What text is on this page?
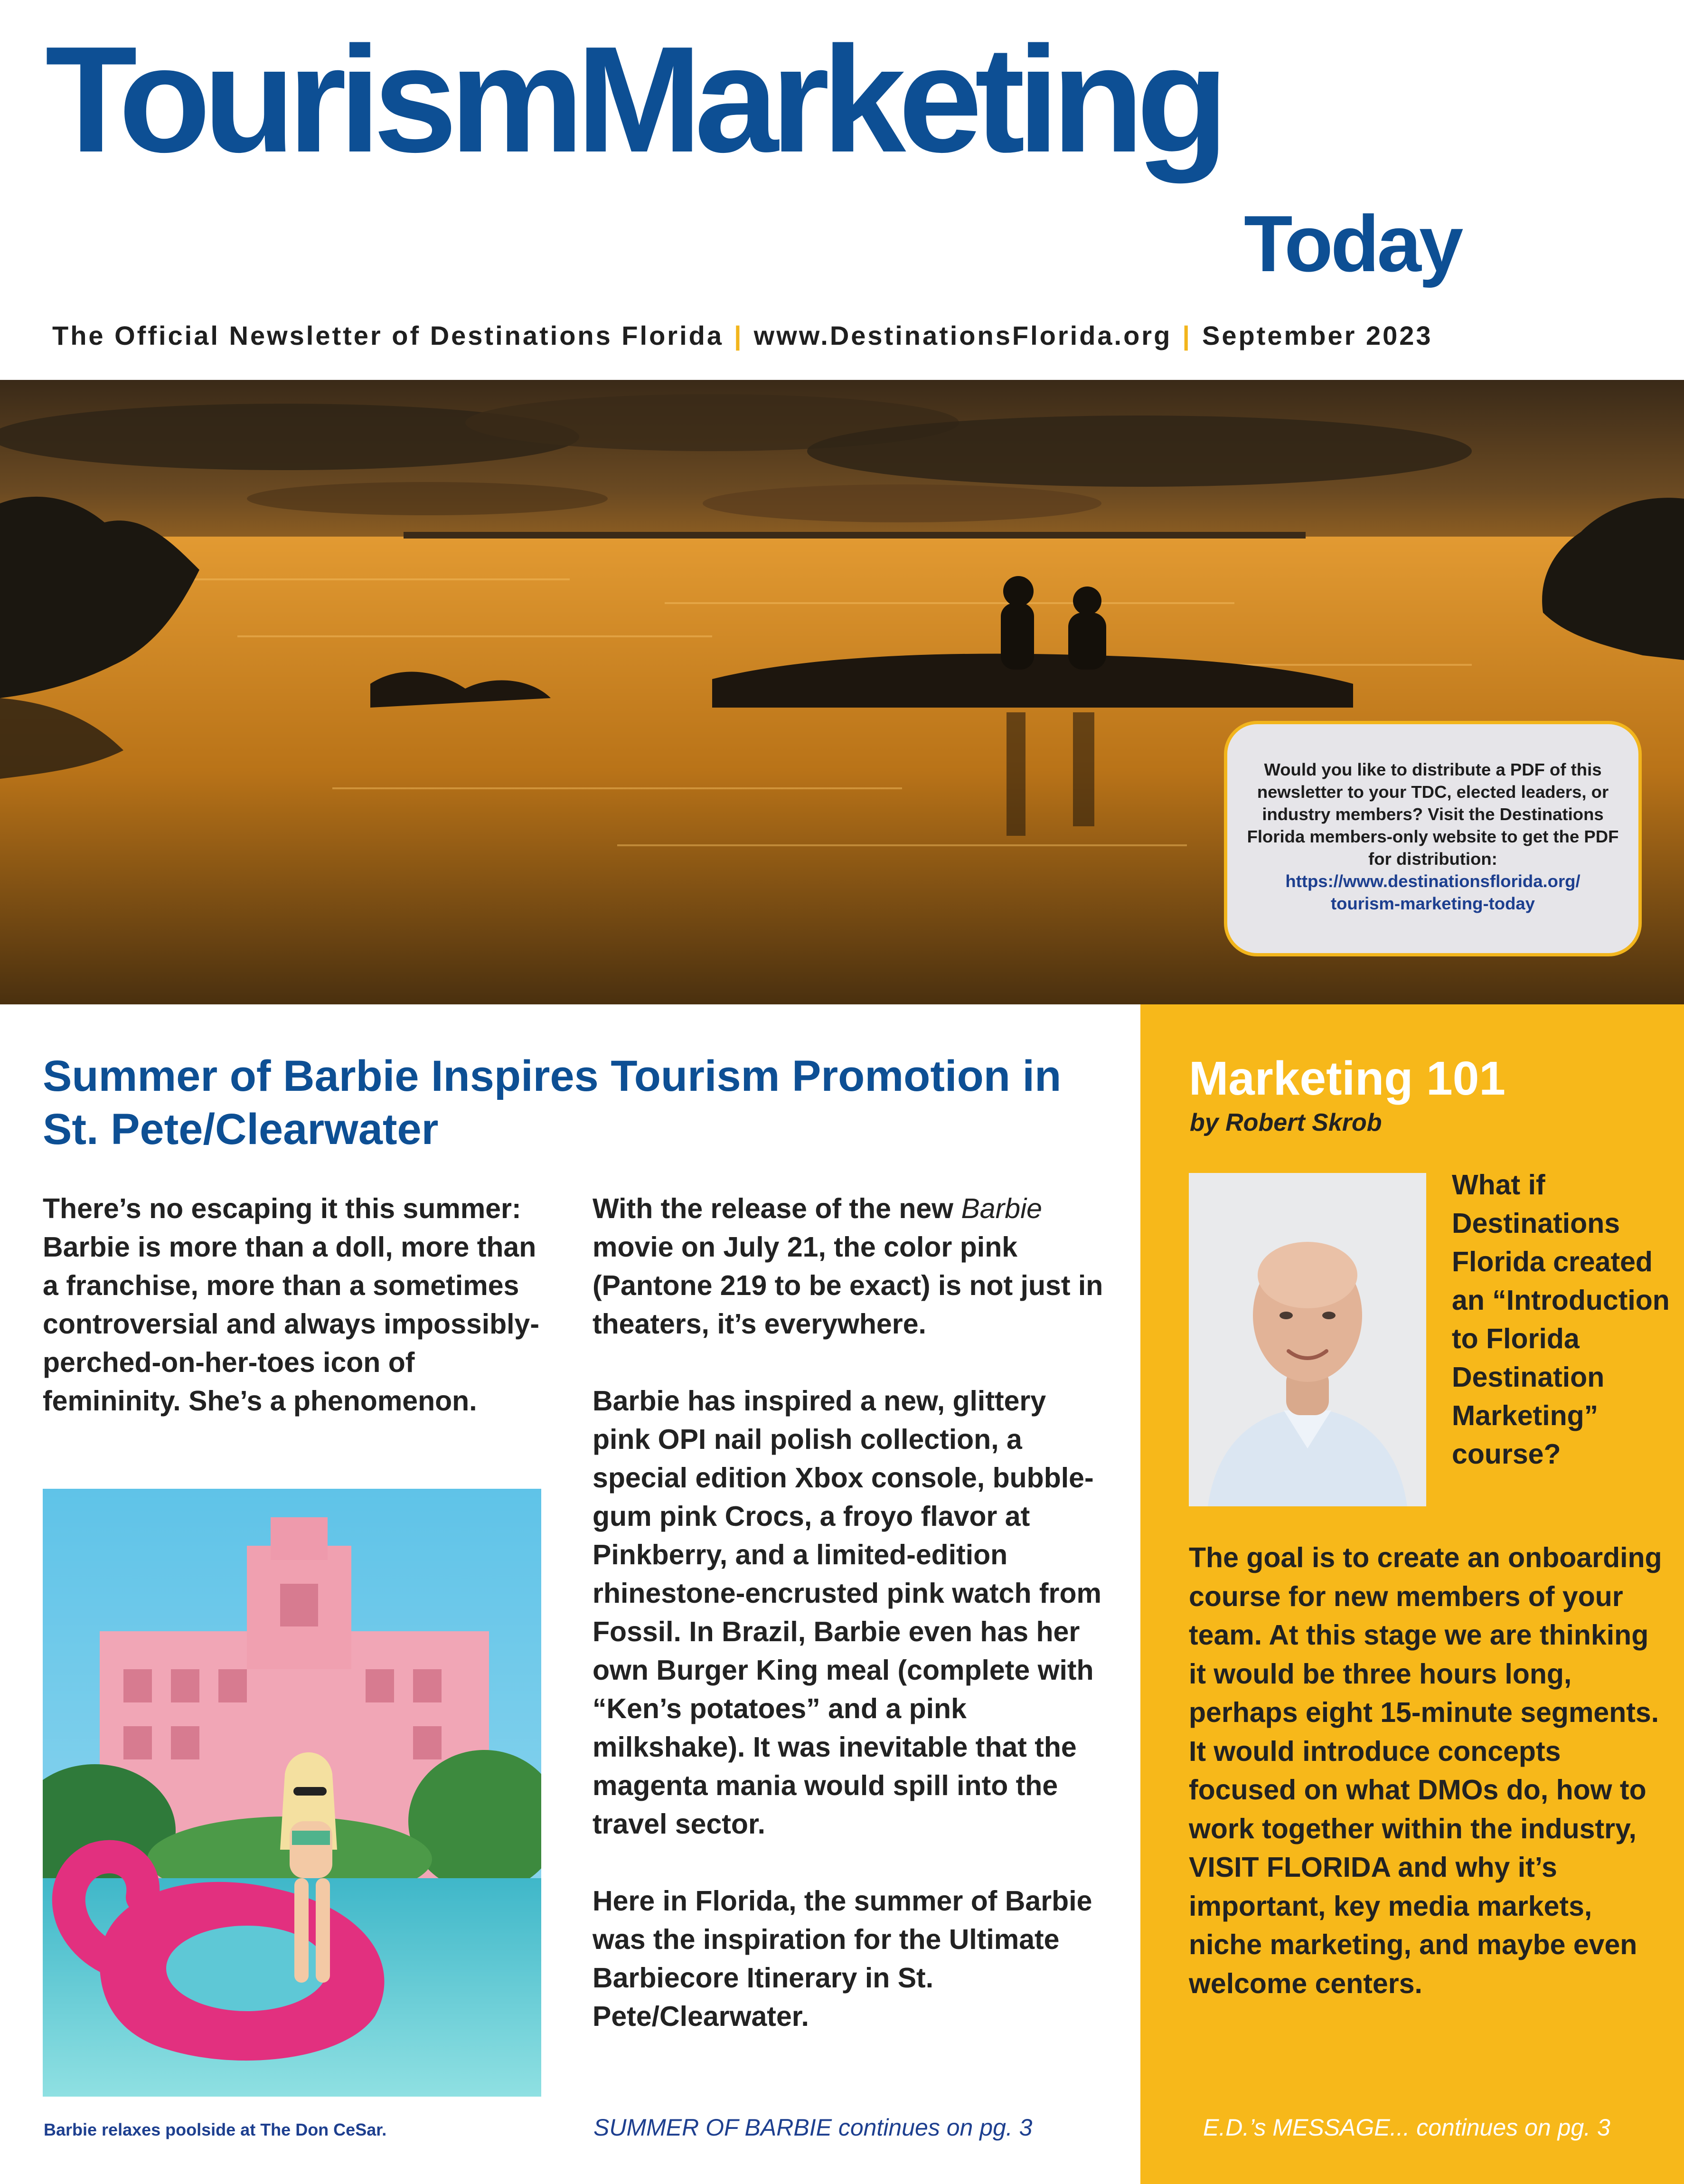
TourismMarketing
Today
The Official Newsletter of Destinations Florida | www.DestinationsFlorida.org | September 2023
Would you like to distribute a PDF of this newsletter to your TDC, elected leaders, or industry members? Visit the Destinations Florida members-only website to get the PDF for distribution:
https://www.destinationsflorida.org/
tourism-marketing-today
Summer of Barbie Inspires Tourism Promotion in St. Pete/Clearwater

There’s no escaping it this summer: Barbie is more than a doll, more than a franchise, more than a sometimes controversial and always impossibly-perched-on-her-toes icon of femininity. She’s a phenomenon.

Barbie relaxes poolside at The Don CeSar.

With the release of the new Barbie movie on July 21, the color pink (Pantone 219 to be exact) is not just in theaters, it’s everywhere.

Barbie has inspired a new, glittery pink OPI nail polish collection, a special edition Xbox console, bubble-gum pink Crocs, a froyo flavor at Pinkberry, and a limited-edition rhinestone-encrusted pink watch from Fossil. In Brazil, Barbie even has her own Burger King meal (complete with “Ken’s potatoes” and a pink milkshake). It was inevitable that the magenta mania would spill into the travel sector.

Here in Florida, the summer of Barbie was the inspiration for the Ultimate Barbiecore Itinerary in St. Pete/Clearwater.

SUMMER OF BARBIE continues on pg. 3
Marketing 101
by Robert Skrob
What if Destinations Florida created an “Introduction to Florida Destination Marketing” course?
The goal is to create an onboarding course for new members of your team. At this stage we are thinking it would be three hours long, perhaps eight 15-minute segments. It would introduce concepts focused on what DMOs do, how to work together within the industry, VISIT FLORIDA and why it’s important, key media markets, niche marketing, and maybe even welcome centers.
E.D.’s MESSAGE... continues on pg. 3
